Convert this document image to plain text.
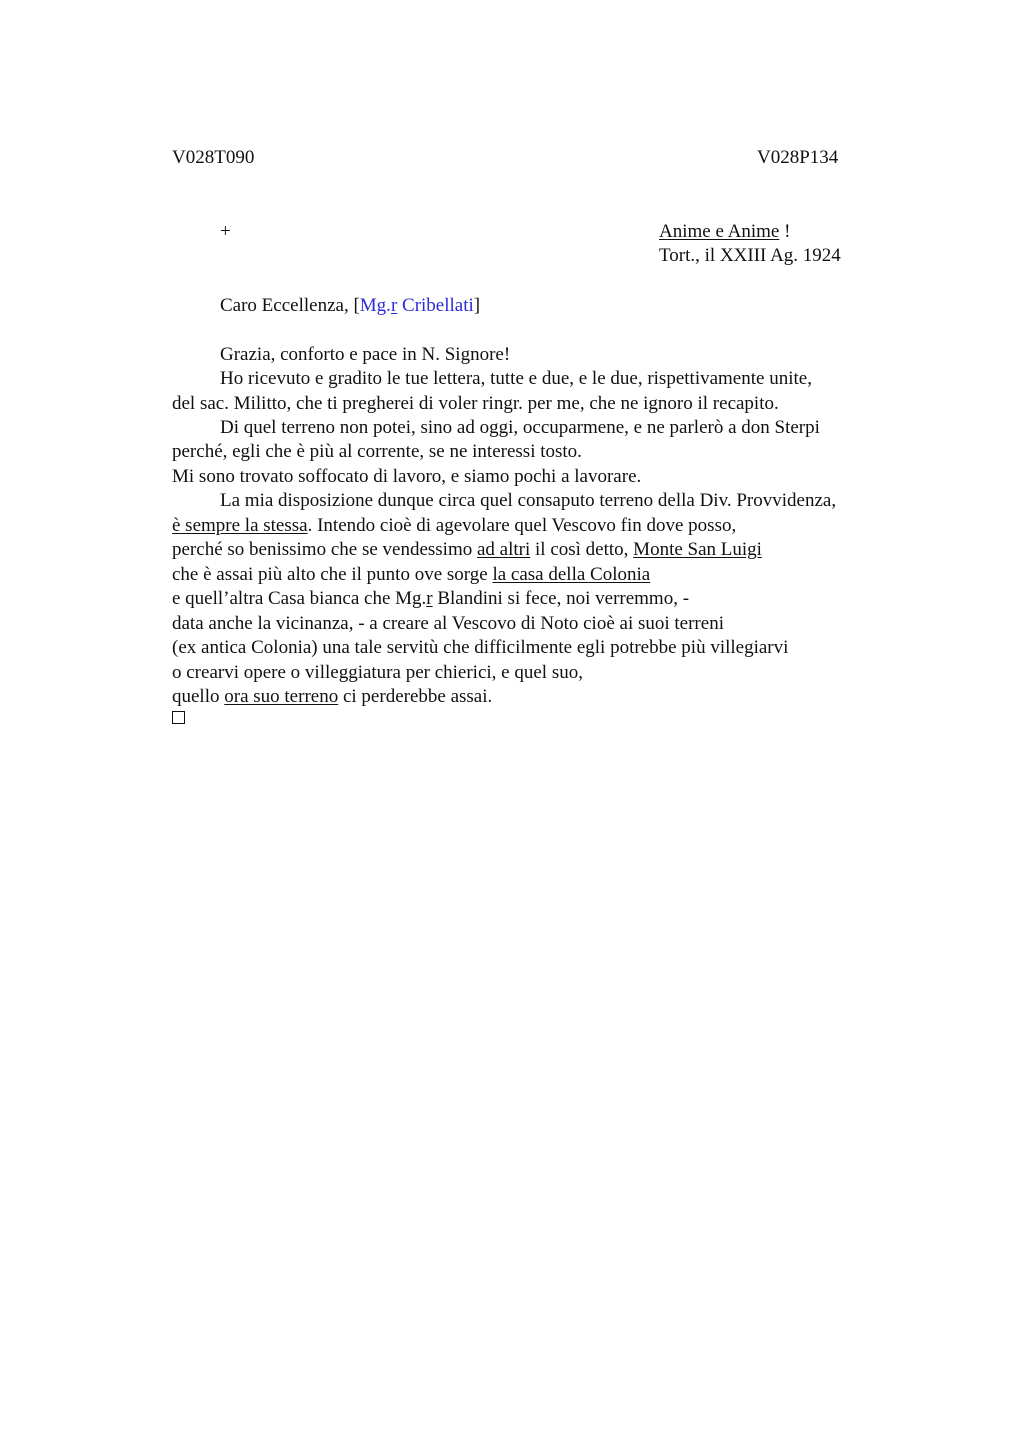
V028T090	V028P134
+	Anime e Anime !
Tort., il XXIII Ag. 1924
Caro Eccellenza, [Mg.r Cribellati]
Grazia, conforto e pace in N. Signore!
Ho ricevuto e gradito le tue lettera, tutte e due, e le due, rispettivamente unite,
del sac. Militto, che ti pregherei di voler ringr. per me, che ne ignoro il recapito.
Di quel terreno non potei, sino ad oggi, occuparmene, e ne parlerò a don Sterpi
perché, egli che è più al corrente, se ne interessi tosto.
Mi sono trovato soffocato di lavoro, e siamo pochi a lavorare.
La mia disposizione dunque circa quel consaputo terreno della Div. Provvidenza,
è sempre la stessa. Intendo cioè di agevolare quel Vescovo fin dove posso,
perché so benissimo che se vendessimo ad altri il così detto, Monte San Luigi
che è assai più alto che il punto ove sorge la casa della Colonia
e quell’altra Casa bianca che Mg.r Blandini si fece, noi verremmo, -
data anche la vicinanza, - a creare al Vescovo di Noto cioè ai suoi terreni
(ex antica Colonia) una tale servitù che difficilmente egli potrebbe più villegiarvi
o crearvi opere o villeggiatura per chierici, e quel suo,
quello ora suo terreno ci perderebbe assai.
